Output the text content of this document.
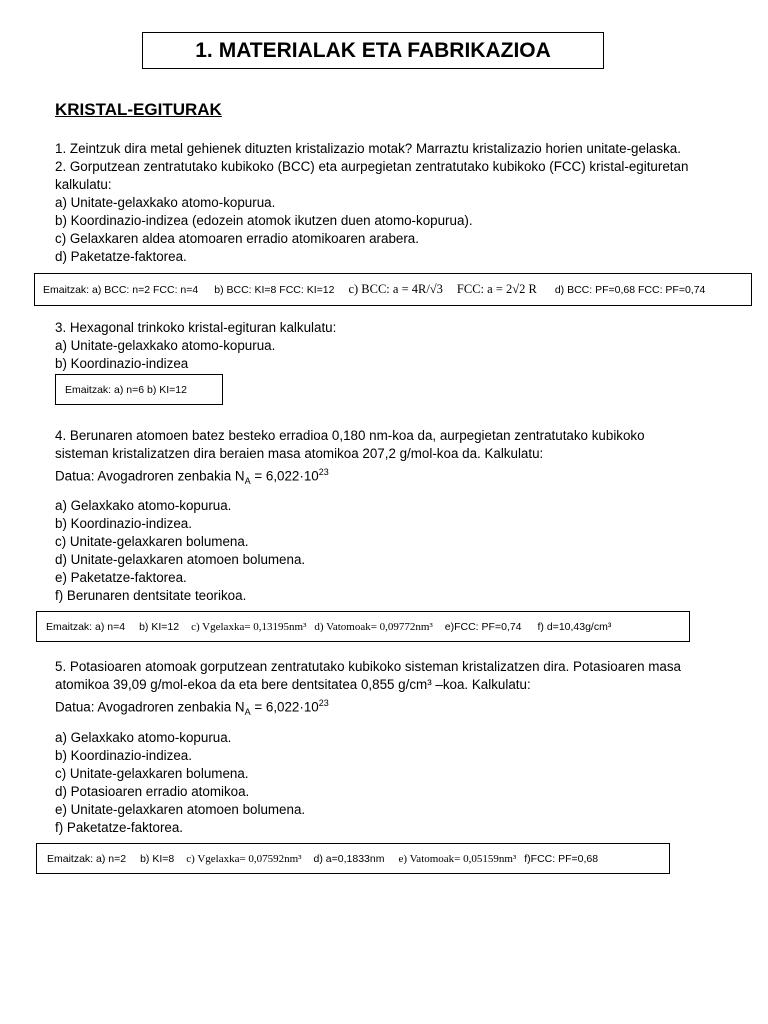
1. MATERIALAK ETA FABRIKAZIOA
KRISTAL-EGITURAK
1. Zeintzuk dira metal gehienek dituzten kristalizazio motak? Marraztu kristalizazio horien unitate-gelaska.
2. Gorputzean zentratutako kubikoko (BCC) eta aurpegietan zentratutako kubikoko (FCC) kristal-egituretan
kalkulatu:
a) Unitate-gelaxkako atomo-kopurua.
b) Koordinazio-indizea (edozein atomok ikutzen duen atomo-kopurua).
c) Gelaxkaren aldea atomoaren erradio atomikoaren arabera.
d) Paketatze-faktorea.
Emaitzak: a) BCC: n=2 FCC: n=4 b) BCC: KI=8 FCC: KI=12 c) BCC: a = 4R/√3 FCC: a = 2√2 R d) BCC: PF=0,68 FCC: PF=0,74
3. Hexagonal trinkoko kristal-egituran kalkulatu:
a) Unitate-gelaxkako atomo-kopurua.
b) Koordinazio-indizea
Emaitzak: a) n=6 b) KI=12
4. Berunaren atomoen batez besteko erradioa 0,180 nm-koa da, aurpegietan zentratutako kubikoko
sisteman kristalizatzen dira beraien masa atomikoa 207,2 g/mol-koa da. Kalkulatu:
Datua: Avogadroren zenbakia $N_A = 6,022\cdot 10^{23}$
a) Gelaxkako atomo-kopurua.
b) Koordinazio-indizea.
c) Unitate-gelaxkaren bolumena.
d) Unitate-gelaxkaren atomoen bolumena.
e) Paketatze-faktorea.
f) Berunaren dentsitate teorikoa.
Emaitzak: a) n=4 b) KI=12 c) Vgelaxka= 0,13195nm³ d) Vatomoak= 0,09772nm³ e)FCC: PF=0,74 f) d=10,43g/cm³
5. Potasioaren atomoak gorputzean zentratutako kubikoko sisteman kristalizatzen dira. Potasioaren masa
atomikoa 39,09 g/mol-ekoa da eta bere dentsitatea 0,855 g/cm³ –koa. Kalkulatu:
Datua: Avogadroren zenbakia $N_A = 6,022\cdot 10^{23}$
a) Gelaxkako atomo-kopurua.
b) Koordinazio-indizea.
c) Unitate-gelaxkaren bolumena.
d) Potasioaren erradio atomikoa.
e) Unitate-gelaxkaren atomoen bolumena.
f) Paketatze-faktorea.
Emaitzak: a) n=2 b) KI=8 c) Vgelaxka= 0,07592nm³ d) a=0,1833nm e) Vatomoak= 0,05159nm³ f)FCC: PF=0,68
